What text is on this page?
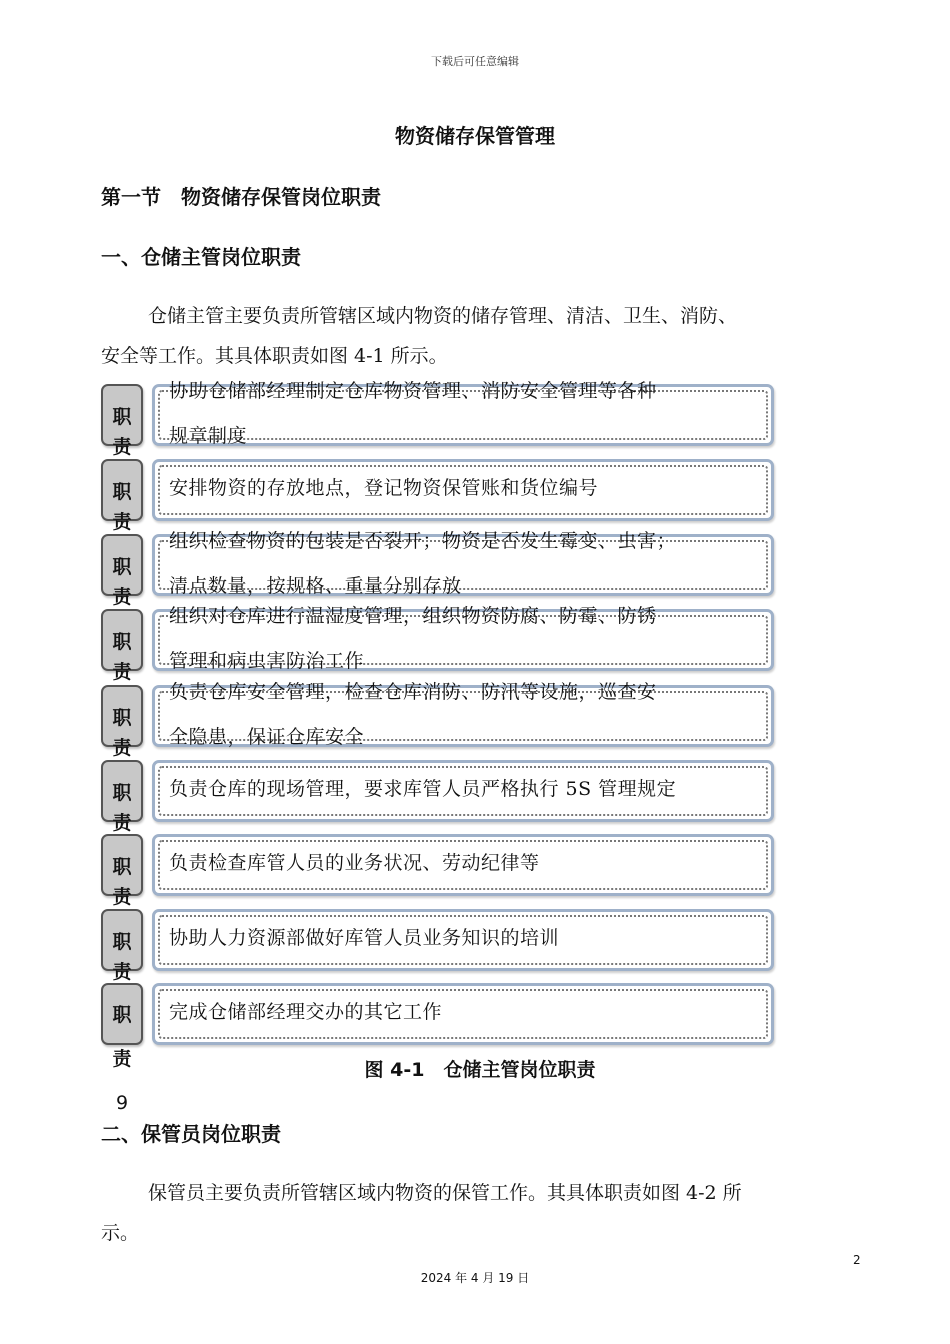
下载后可任意编辑
物资储存保管管理
第一节　物资储存保管岗位职责
一、仓储主管岗位职责
仓储主管主要负责所管辖区域内物资的储存管理、清洁、卫生、消防、
安全等工作。其具体职责如图 4-1 所示。
职
责
协助仓储部经理制定仓库物资管理、消防安全管理等各种
规章制度
职
责
安排物资的存放地点，登记物资保管账和货位编号
职
责
组织检查物资的包装是否裂开；物资是否发生霉变、虫害；
清点数量，按规格、重量分别存放
职
责
组织对仓库进行温湿度管理，组织物资防腐、防霉、防锈
管理和病虫害防治工作
职
责
负责仓库安全管理，检查仓库消防、防汛等设施，巡查安
全隐患，保证仓库安全
职
责
负责仓库的现场管理，要求库管人员严格执行 5S 管理规定
职
责
负责检查库管人员的业务状况、劳动纪律等
职
责
协助人力资源部做好库管人员业务知识的培训
职
责
9
完成仓储部经理交办的其它工作
图 4-1　仓储主管岗位职责
二、保管员岗位职责
保管员主要负责所管辖区域内物资的保管工作。其具体职责如图 4-2 所
示。
2
2024 年 4 月 19 日
